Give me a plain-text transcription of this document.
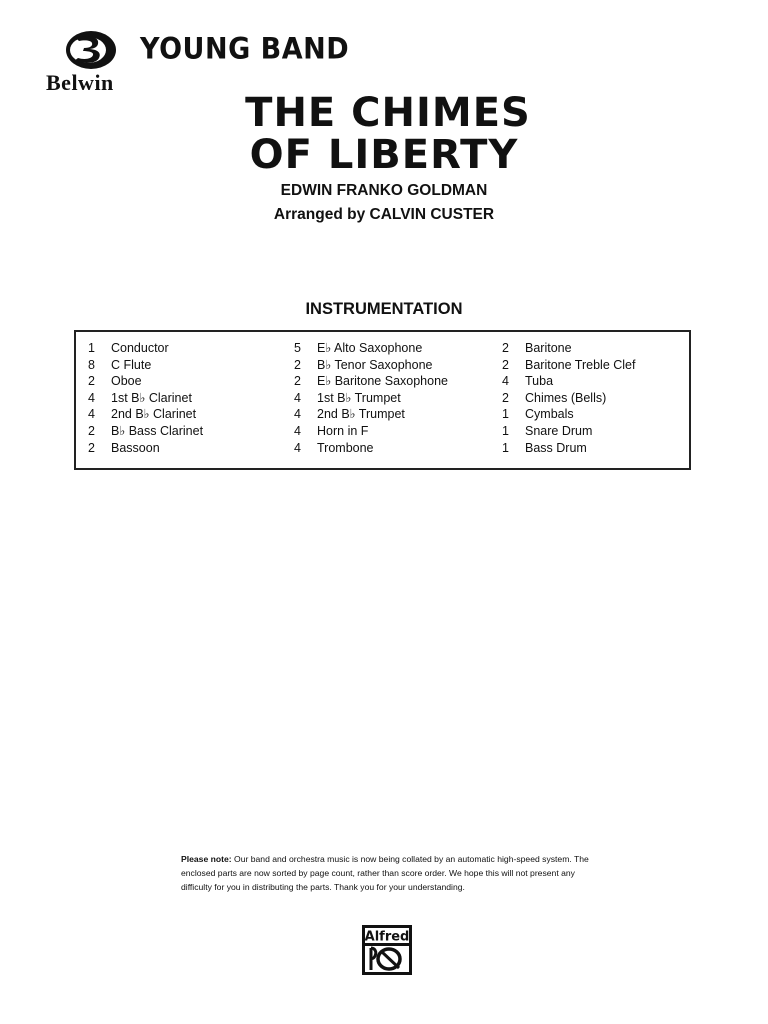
YOUNG BAND
Belwin
THE CHIMES
OF LIBERTY
EDWIN FRANKO GOLDMAN
Arranged by CALVIN CUSTER
INSTRUMENTATION
1 Conductor
8 C Flute
2 Oboe
4 1st B♭ Clarinet
4 2nd B♭ Clarinet
2 B♭ Bass Clarinet
2 Bassoon
5 E♭ Alto Saxophone
2 B♭ Tenor Saxophone
2 E♭ Baritone Saxophone
4 1st B♭ Trumpet
4 2nd B♭ Trumpet
4 Horn in F
4 Trombone
2 Baritone
2 Baritone Treble Clef
4 Tuba
2 Chimes (Bells)
1 Cymbals
1 Snare Drum
1 Bass Drum
Please note: Our band and orchestra music is now being collated by an automatic high-speed system. The enclosed parts are now sorted by page count, rather than score order. We hope this will not present any difficulty for you in distributing the parts. Thank you for your understanding.
Alfred
